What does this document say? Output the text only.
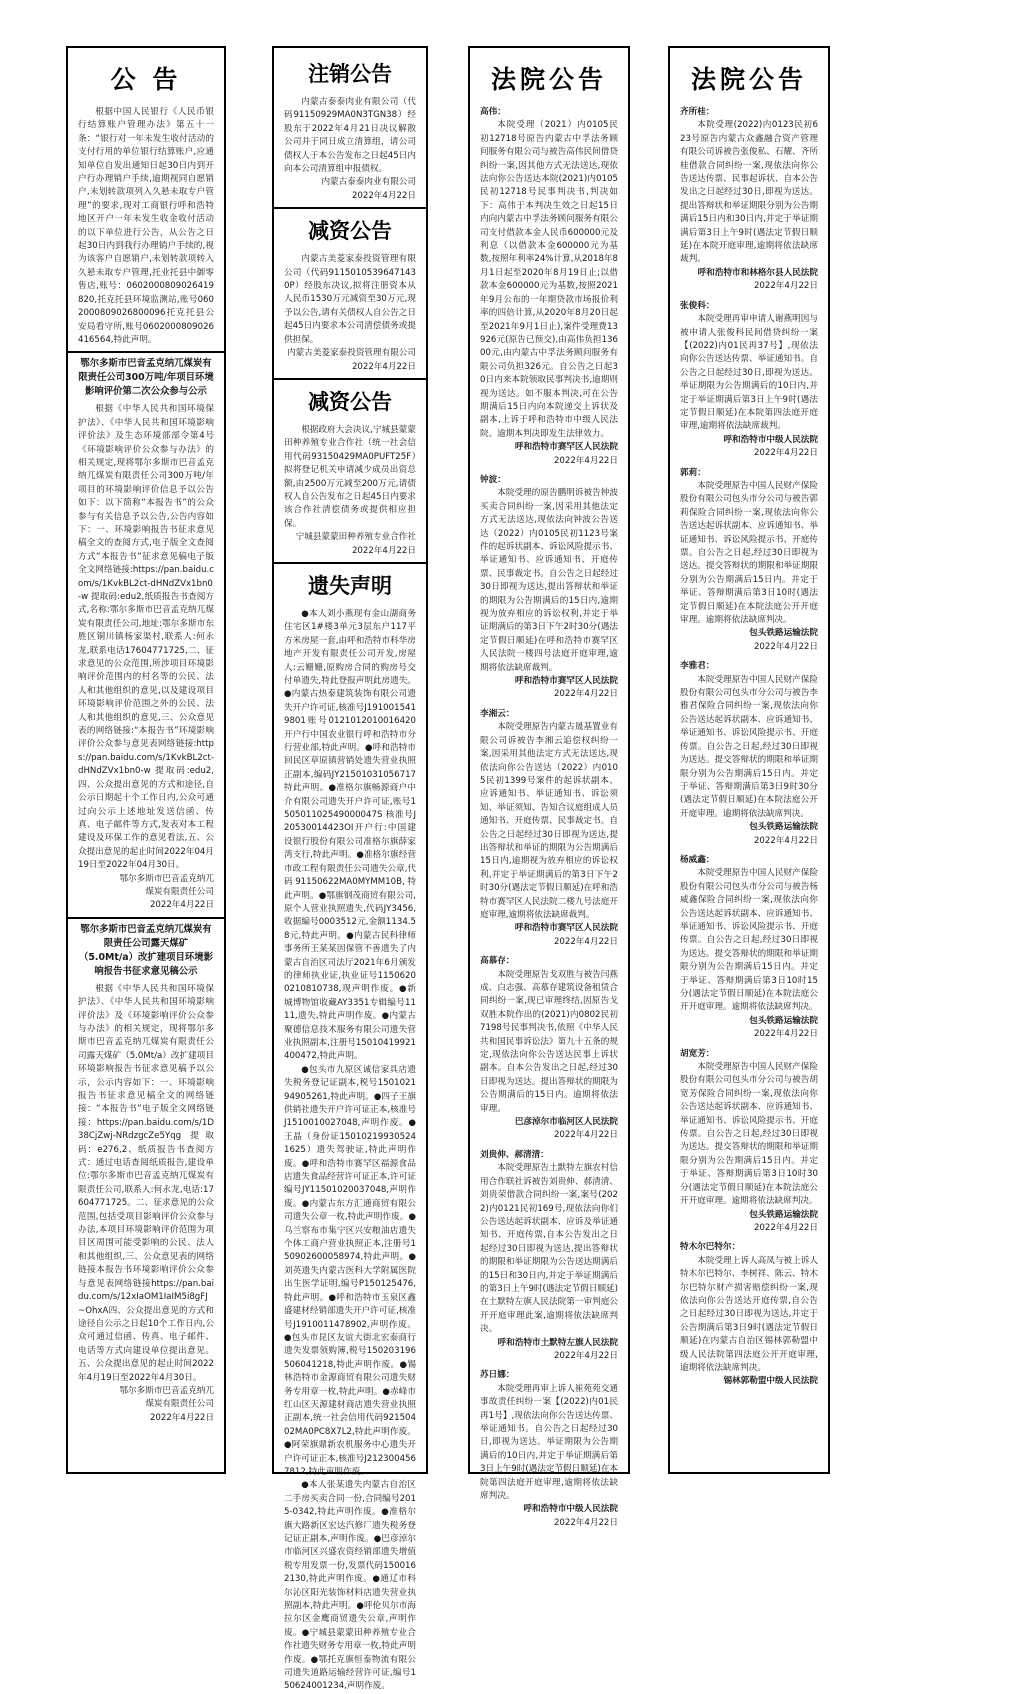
公 告

根据中国人民银行《人民币银行结算账户管理办法》第五十一条：“银行对一年未发生收付活动的支付行用的单位银行结算账户,应通知单位自发出通知日起30日内到开户行办理销户手续,逾期视同自愿销户,未划转款项列入久悬未取专户管理”的要求,现对工商银行呼和浩特地区开户一年未发生收金收付活动的以下单位进行公告，从公告之日起30日内到我行办理销户手续的,视为该客户自愿销户,未划转款项转入久悬未取专户管理,托业托县中御零售店,账号：0602000809026419820,托克托县环境监测站,账号0602000809026800096托克托县公安局看守所,账号0602000809026416564,特此声明。

鄂尔多斯市巴音孟克纳兀煤炭有限责任公司300万吨/年项目环境影响评价第二次公众参与公示

根据《中华人民共和国环境保护法》、《中华人民共和国环境影响评价法》及生态环境部部令第4号《环境影响评价公众参与办法》的相关规定,现将鄂尔多斯市巴音孟克纳兀煤炭有限责任公司300万吨/年项目的环境影响评价信息予以公告如下：以下简称“本报告书”的公众参与有关信息予以公告,公告内容如下：一、环境影响报告书征求意见稿全文的查阅方式,电子版全文查阅方式“本报告书”征求意见稿电子版全文网络链接:https://pan.baidu.com/s/1KvkBL2ct-dHNdZVx1bn0-w 提取码:edu2,纸质报告书查阅方式,名称:鄂尔多斯市巴音孟克纳兀煤炭有限责任公司,地址:鄂尔多斯市东胜区铜川镇杨家渠村,联系人:何永龙,联系电话17604771725,二、征求意见的公众范围,所涉项目环境影响评价范围内的村名等的公民、法人和其他组织的意见,以及建设项目环境影响评价范围之外的公民、法人和其他组织的意见,三、公众意见表的网络链接:“本报告书”环境影响评价公众参与意见表网络链接:https://pan.baidu.com/s/1KvkBL2ct-dHNdZVx1bn0-w 提取码:edu2,四、公众提出意见的方式和途径,自公示日期起十个工作日内,公众可通过向公示上述地址发送信函、传真、电子邮件等方式,发表对本工程建设及环保工作的意见看法,五、公众提出意见的起止时间2022年04月19日至2022年04月30日。

鄂尔多斯市巴音孟克纳兀

煤炭有限责任公司

2022年4月22日

鄂尔多斯市巴音孟克纳兀煤炭有限责任公司露天煤矿（5.0Mt/a）改扩建项目环境影响报告书征求意见稿公示

根据《中华人民共和国环境保护法》、《中华人民共和国环境影响评价法》及《环境影响评价公众参与办法》的相关规定，现将鄂尔多斯市巴音孟克纳兀煤炭有限责任公司露天煤矿（5.0Mt/a）改扩建项目环境影响报告书征求意见稿予以公示，公示内容如下：一、环境影响报告书征求意见稿全文的网络链接：“本报告书”电子版全文网络链接：https://pan.baidu.com/s/1D38CjZwj-NRdzgcZe5Yqg 提取码：e276,2、纸质报告书查阅方式：通过电话查阅纸质报告,建设单位:鄂尔多斯市巴音孟克纳兀煤炭有限责任公司,联系人:何永龙,电话:17604771725。二、征求意见的公众范围,包括受项目影响评价公众参与办法,本项目环境影响评价范围为项目区周围可能受影响的公民、法人和其他组织,三、公众意见表的网络链接本报告书环境影响评价公众参与意见表网络链接https://pan.baidu.com/s/12xIaOM1IaIM5i8gFJ~OhxA四、公众提出意见的方式和途径自公示之日起10个工作日内,公众可通过信函、传真、电子邮件、电话等方式向建设单位提出意见。五、公众提出意见的起止时间2022年4月19日至2022年4月30日。

鄂尔多斯市巴音孟克纳兀

煤炭有限责任公司

2022年4月22日

注销公告

内蒙古泰泰肉业有限公司（代码91150929MA0N3TGN38）经股东于2022年4月21日决议解散公司并于同日成立清算组，请公司债权人于本公告发布之日起45日内向本公司清算组申报债权。

内蒙古泰泰肉业有限公司

2022年4月22日

减资公告

内蒙古美菱家泰投资管理有限公司（代码91150105396471430P）经股东决议,拟将注册资本从人民币1530万元减资至30万元,现予以公告,请有关债权人自公告之日起45日内要求本公司清偿债务或提供担保。

内蒙古美菱家泰投资管理有限公司

2022年4月22日

减资公告

根据政府大会决议,宁城县蒙蒙田种养殖专业合作社（统一社会信用代码93150429MA0PUFT25F）拟将登记机关申请减少成员出资总额,由2500万元减至200万元,请债权人自公告发布之日起45日内要求该合作社清偿债务或提供相应担保。

宁城县蒙蒙田种养殖专业合作社

2022年4月22日

遗失声明

●本人刘小燕现有金山湖商务住宅区1#楼3单元3层东户117平方米房屋一套,由呼和浩特市科华房地产开发有限责任公司开发,房屋人:云姗姗,原购房合同的购房号交付单遗失,特此登报声明此房遗失。●内蒙古热泰建筑装饰有限公司遗失开户许可证,核准号J1910015419801账号0121012010016420开户行中国农业银行呼和浩特市分行营业部,特此声明。●呼和浩特市回民区草原镇营销处遗失营业执照正副本,编码JY21501031056717特此声明。●准格尔旗畅源商户中介有限公司遗失开户许可证,账号150501102549000047S 核准号J20530014423OI开户行:中国建设银行股份有限公司准格尔旗薛家湾支行,特此声明。●准格尔旗经营市政工程有限责任公司遗失公章,代码91150622MA0MYMM10B,特此声明。●鄂旗钢茂商贸有限公司,原个人营业执照遗失,代码JY3456,收据编号0003512元,金额1134.58元,特此声明。●内蒙古民科律师事务所王某某因保管不善遗失了内蒙古自治区司法厅2021年6月颁发的律师执业证,执业证号11506200210810738,现声明作废。●新城博物馆收藏AY3351专辑编号1111,遗失,特此声明作废。●内蒙古聚德信息技术服务有限公司遗失营业执照副本,注册号15010419921400472,特此声明。

●包头市九原区诚信家具店遗失税务登记证副本,税号150102194905261,特此声明。●四子王旗供销社遗失开户许可证正本,核准号J1510010027048,声明作废。●王晶（身份证150102199305241625）遗失驾驶证,特此声明作废。●呼和浩特市赛罕区福源食品店遗失食品经营许可证正本,许可证编号JY11501020037048,声明作废。●内蒙古东方汇通商贸有限公司遗失公章一枚,特此声明作废。●乌兰察布市集宁区兴安粮油店遗失个体工商户营业执照正本,注册号150902600058974,特此声明。●刘英遗失内蒙古医科大学附属医院出生医学证明,编号P150125476,特此声明。●呼和浩特市玉泉区鑫盛建材经销部遗失开户许可证,核准号J1910011478902,声明作废。●包头市昆区友谊大街北宏泰商行遗失发票领购簿,税号150203196506041218,特此声明作废。●锡林浩特市金源商贸有限公司遗失财务专用章一枚,特此声明。●赤峰市红山区天源建材商店遗失营业执照正副本,统一社会信用代码92150402MA0PC8X7L2,特此声明作废。●阿荣旗鼎新农机服务中心遗失开户许可证正本,核准号J2123004567812,特此声明作废。

●本人张某遗失内蒙古自治区二手房买卖合同一份,合同编号2015-0342,特此声明作废。●准格尔旗大路新区宏达汽修厂遗失税务登记证正副本,声明作废。●巴彦淖尔市临河区兴盛农资经销部遗失增值税专用发票一份,发票代码1500162130,特此声明作废。●通辽市科尔沁区阳光装饰材料店遗失营业执照副本,特此声明。●呼伦贝尔市海拉尔区金鹰商贸遗失公章,声明作废。●宁城县蒙蒙田种养殖专业合作社遗失财务专用章一枚,特此声明作废。●鄂托克旗恒泰物流有限公司遗失道路运输经营许可证,编号150624001234,声明作废。

法院公告
高伟：

本院受理（2021）内0105民初12718号原告内蒙古中孚法务顾问服务有限公司与被告高伟民间借贷纠纷一案,因其他方式无法送达,现依法向你公告送达本院(2021)内0105民初12718号民事判决书,判决如下：高伟于本判决生效之日起15日内向内蒙古中孚法务顾问服务有限公司支付借款本金人民币600000元及利息（以借款本金600000元为基数,按照年利率24%计算,从2018年8月1日起至2020年8月19日止;以借款本金600000元为基数,按照2021年9月公布的一年期贷款市场报价利率的四倍计算,从2020年8月20日起至2021年9月1日止),案件受理费13926元(原告已预交),由高伟负担13600元,由内蒙古中孚法务顾问服务有限公司负担326元。自公告之日起30日内来本院领取民事判决书,逾期则视为送达。如不服本判决,可在公告期满后15日内向本院递交上诉状及副本,上诉于呼和浩特市中级人民法院。逾期本判决即发生法律效力。

呼和浩特市赛罕区人民法院

2022年4月22日

钟波：

本院受理的原告鹏明诉被告钟波买卖合同纠纷一案,因采用其他法定方式无法送达,现依法向钟波公告送达（2022）内0105民初1123号案件的起诉状副本、诉讼风险提示书、举证通知书、应诉通知书、开庭传票、民事裁定书。自公告之日起经过30日即视为送达,提出答辩状和举证的期限为公告期满后的15日内,逾期视为放弃相应的诉讼权利,并定于举证期满后的第3日下午2时30分(遇法定节假日顺延)在呼和浩特市赛罕区人民法院一楼四号法庭开庭审理,逾期将依法缺席裁判。

呼和浩特市赛罕区人民法院

2022年4月22日

李湘云：

本院受理原告内蒙古晟基置业有限公司诉被告李湘云追偿权纠纷一案,因采用其他法定方式无法送达,现依法向你公告送达（2022）内0105民初1399号案件的起诉状副本、应诉通知书、举证通知书、诉讼须知、举证须知、告知合议庭组成人员通知书、开庭传票、民事裁定书。自公告之日起经过30日即视为送达,提出答辩状和举证的期限为公告期满后15日内,逾期视为放弃相应的诉讼权利,并定于举证期满后的第3日下午2时30分(遇法定节假日顺延)在呼和浩特市赛罕区人民法院二楼九号法庭开庭审理,逾期将依法缺席裁判。

呼和浩特市赛罕区人民法院

2022年4月22日

高慕存：

本院受理原告戈双胜与被告闫燕成、白志强、高慕存建筑设备租赁合同纠纷一案,现已审理终结,因原告戈双胜本院作出的(2021)内0802民初7198号民事判决书,依照《中华人民共和国民事诉讼法》第九十五条的规定,现依法向你公告送达民事上诉状副本。自本公告发出之日起,经过30日即视为送达。提出答辩状的期限为公告期满后的15日内。逾期将依法审理。

巴彦淖尔市临河区人民法院

2022年4月22日

刘贵伸、郝清清：

本院受理原告土默特左旗农村信用合作联社诉被告刘贵伸、郝清清、刘贵荣借款合同纠纷一案,案号(2022)内0121民初169号,现依法向你们公告送达起诉状副本、应诉及举证通知书、开庭传票,自本公告发出之日起经过30日即视为送达,提出答辩状的期限和举证期限为公告送达期满后的15日和30日内,并定于举证期满后的第3日上午9时(遇法定节假日顺延)在土默特左旗人民法院第一审判庭公开开庭审理此案,逾期将依法缺席判决。

呼和浩特市土默特左旗人民法院

2022年4月22日

苏日娜：

本院受理再审上诉人崔苑苑交通事故责任纠纷一案【(2022)内01民再1号】,现依法向你公告送达传票、举证通知书。自公告之日起经过30日,即视为送达。举证期限为公告期满后的10日内,并定于举证期满后第3日上午9时(遇法定节假日顺延)在本院第四法庭开庭审理,逾期将依法缺席判决。

呼和浩特市中级人民法院

2022年4月22日

法院公告
齐所桂：

本院受理(2022)内0123民初623号原告内蒙古众鑫融合资产管理有限公司诉被告张俊私、石耀、齐所桂借款合同纠纷一案,现依法向你公告送达传票、民事起诉状、自本公告发出之日起经过30日,即视为送达。提出答辩状和举证期限分别为公告期满后15日内和30日内,并定于举证期满后第3日上午9时(遇法定节假日顺延)在本院开庭审理,逾期将依法缺席裁判。

呼和浩特市和林格尔县人民法院

2022年4月22日

张俊科：

本院受理再审申请人谢燕明因与被申请人张俊科民间借贷纠纷一案【(2022)内01民再37号】,现依法向你公告送达传票、举证通知书。自公告之日起经过30日,即视为送达。举证期限为公告期满后的10日内,并定于举证期满后第3日上午9时(遇法定节假日顺延)在本院第四法庭开庭审理,逾期将依法缺席裁判。

呼和浩特市中级人民法院

2022年4月22日

郭莉：

本院受理原告中国人民财产保险股份有限公司包头市分公司与被告郭莉保险合同纠纷一案,现依法向你公告送达起诉状副本、应诉通知书、举证通知书、诉讼风险提示书、开庭传票。自公告之日起,经过30日即视为送达。提交答辩状的期限和举证期限分别为公告期满后15日内。并定于举证、答辩期满后第3日10时(遇法定节假日顺延)在本院法庭公开开庭审理。逾期将依法缺席判决。

包头铁路运输法院

2022年4月22日

李雅君：

本院受理原告中国人民财产保险股份有限公司包头市分公司与被告李雅君保险合同纠纷一案,现依法向你公告送达起诉状副本、应诉通知书、举证通知书、诉讼风险提示书、开庭传票。自公告之日起,经过30日即视为送达。提交答辩状的期限和举证期限分别为公告期满后15日内。并定于举证、答辩期满后第3日9时30分(遇法定节假日顺延)在本院法庭公开开庭审理。逾期将依法缺席判决。

包头铁路运输法院

2022年4月22日

杨威鑫：

本院受理原告中国人民财产保险股份有限公司包头市分公司与被告杨威鑫保险合同纠纷一案,现依法向你公告送达起诉状副本、应诉通知书、举证通知书、诉讼风险提示书、开庭传票。自公告之日起,经过30日即视为送达。提交答辩状的期限和举证期限分别为公告期满后15日内。并定于举证、答辩期满后第3日10时15分(遇法定节假日顺延)在本院法庭公开开庭审理。逾期将依法缺席判决。

包头铁路运输法院

2022年4月22日

胡宽芳：

本院受理原告中国人民财产保险股份有限公司包头市分公司与被告胡宽芳保险合同纠纷一案,现依法向你公告送达起诉状副本、应诉通知书、举证通知书、诉讼风险提示书、开庭传票。自公告之日起,经过30日即视为送达。提交答辩状的期限和举证期限分别为公告期满后15日内。并定于举证、答辩期满后第3日10时30分(遇法定节假日顺延)在本院法庭公开开庭审理。逾期将依法缺席判决。

包头铁路运输法院

2022年4月22日

特木尔巴特尔：

本院受理上诉人高凤与被上诉人特木尔巴特尔、李树祥、陈云、特木尔巴特尔财产损害赔偿纠纷一案,现依法向你公告送达开庭传票,自公告之日起经过30日即视为送达,并定于公告期满后第3日9时(遇法定节假日顺延)在内蒙古自治区锡林郭勒盟中级人民法院第四法庭公开开庭审理,逾期将依法缺席判决。

锡林郭勒盟中级人民法院
